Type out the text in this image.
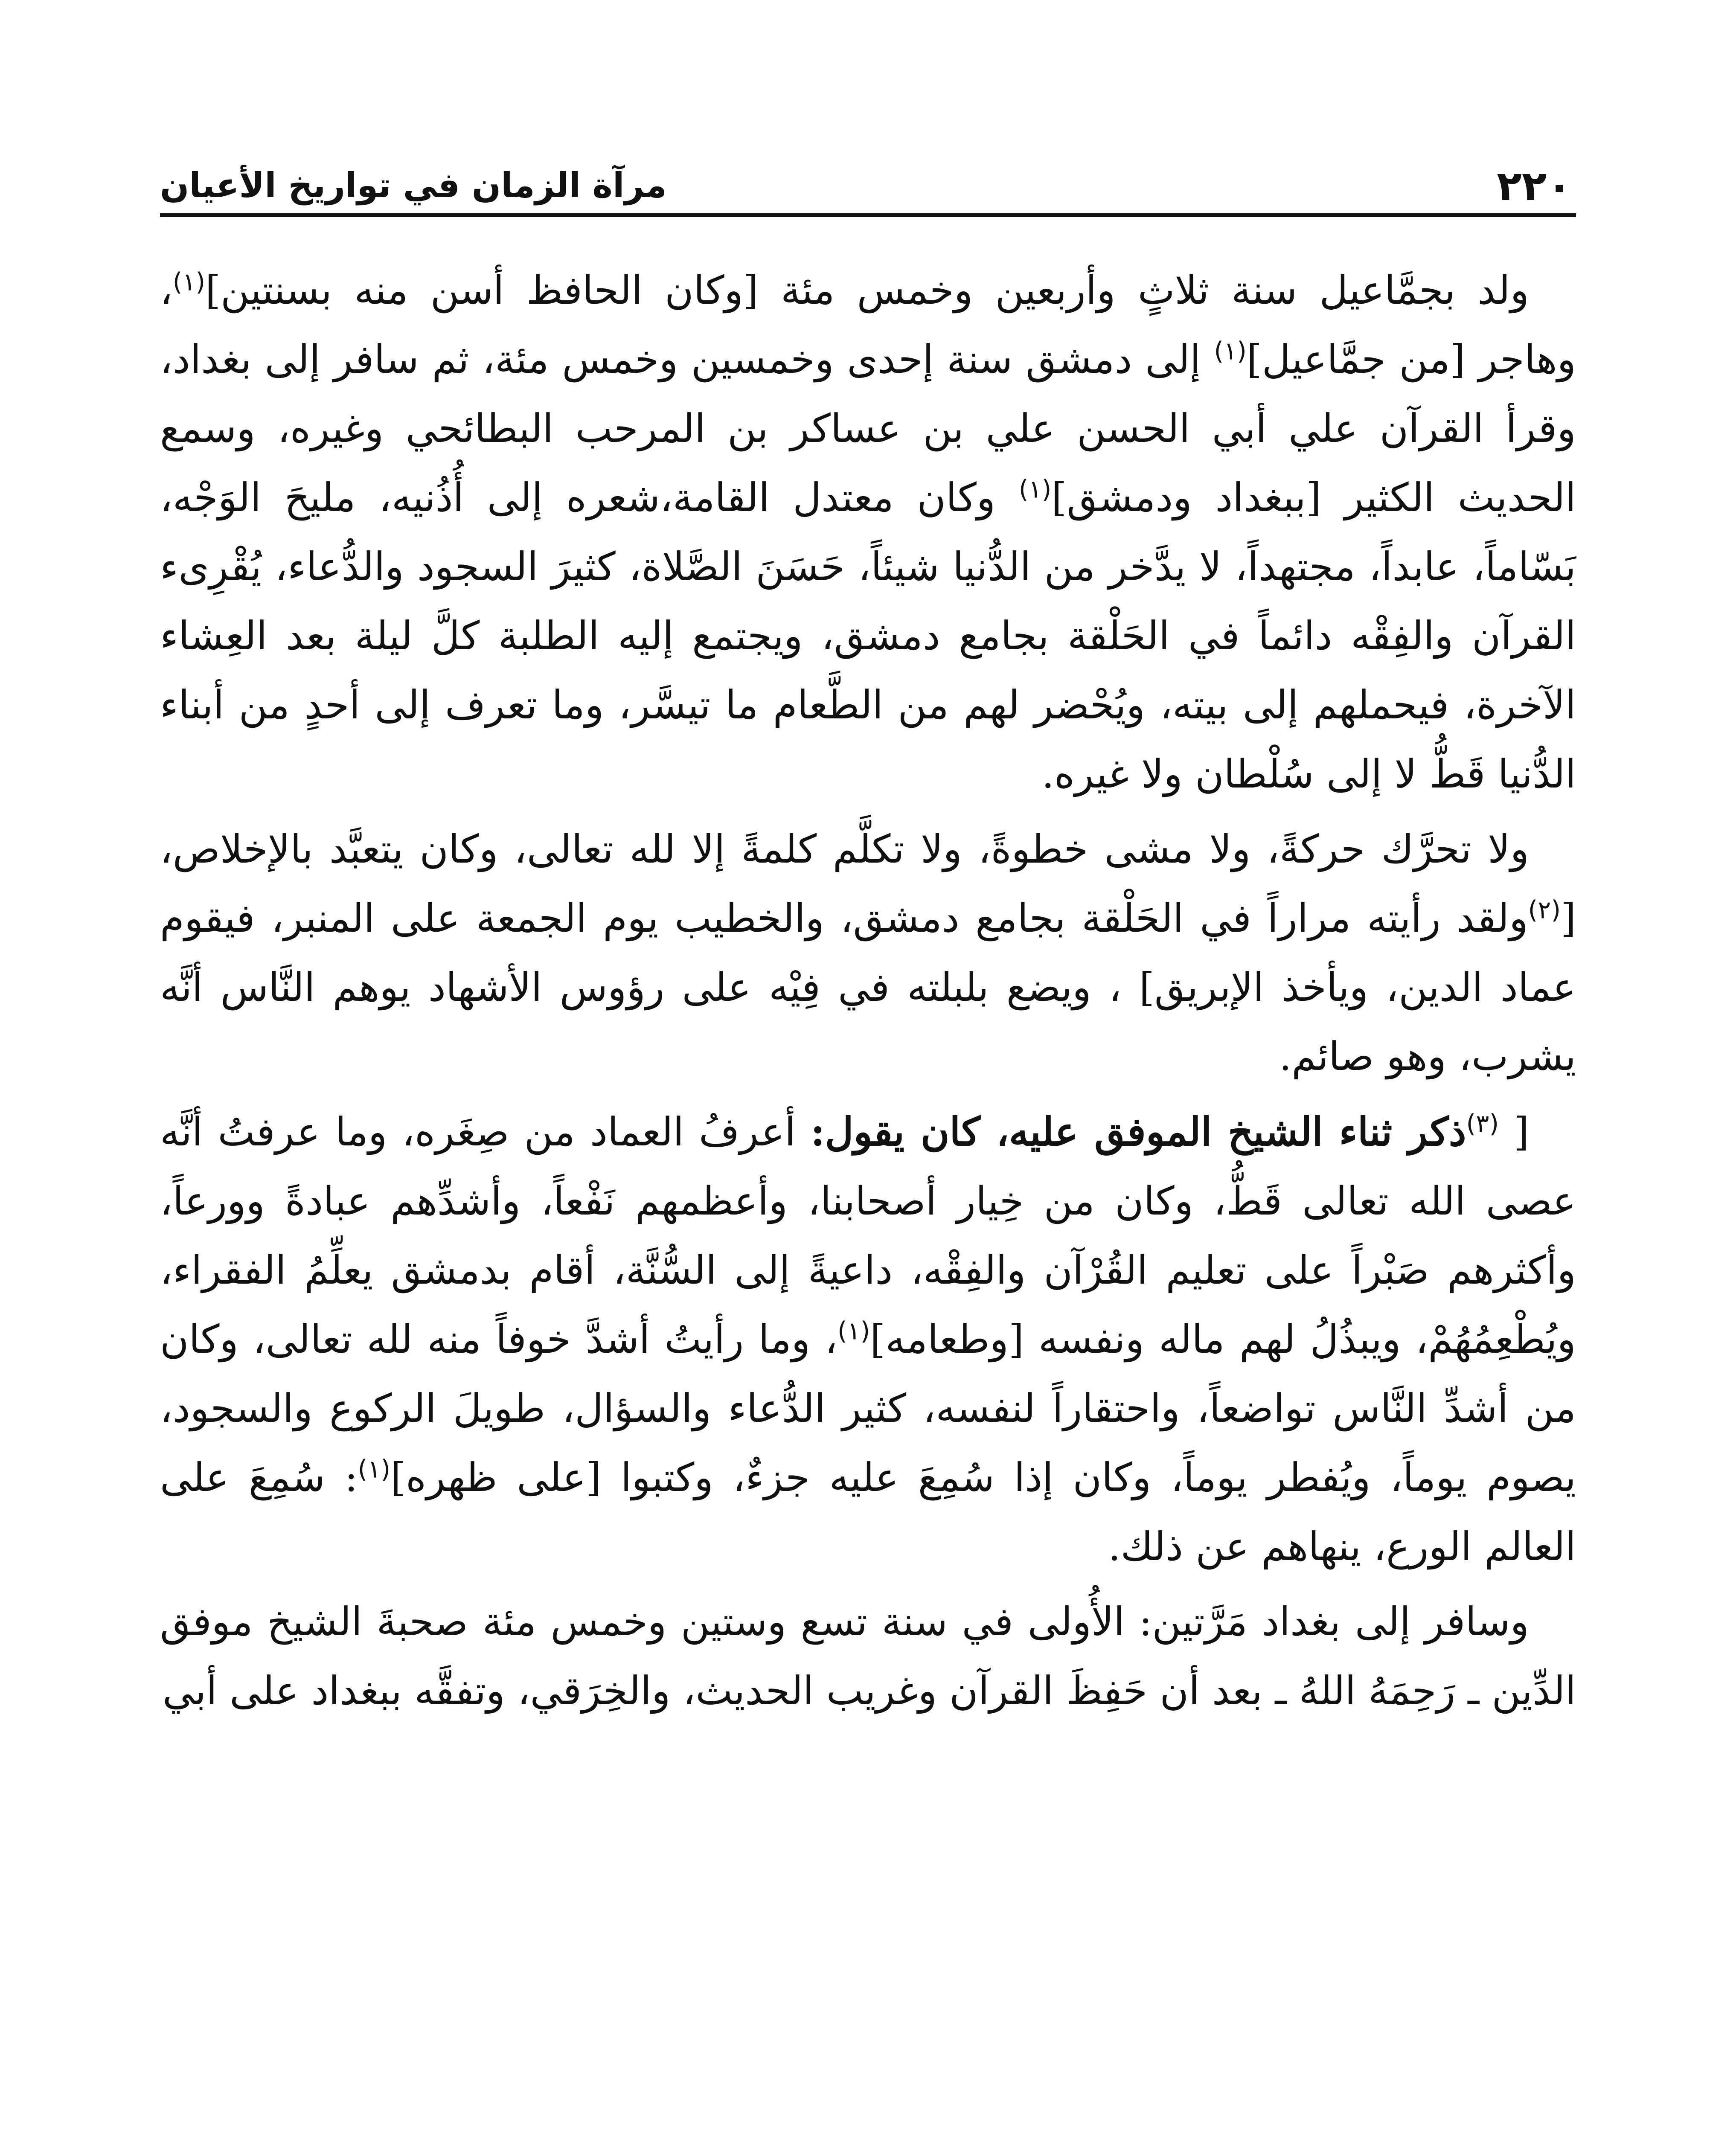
٢٢٠
مرآة الزمان في تواريخ الأعيان

ولد بجمَّاعيل سنة ثلاثٍ وأربعين وخمس مئة [وكان الحافظ أسن منه بسنتين]$^{(١)}$، وهاجر [من جمَّاعيل]$^{(١)}$ إلى دمشق سنة إحدى وخمسين وخمس مئة، ثم سافر إلى بغداد، وقرأ القرآن علي أبي الحسن علي بن عساكر بن المرحب البطائحي وغيره، وسمع الحديث الكثير [ببغداد ودمشق]$^{(١)}$ وكان معتدل القامة،شعره إلى أُذُنيه، مليحَ الوَجْه، بَسّاماً، عابداً، مجتهداً، لا يدَّخر من الدُّنيا شيئاً، حَسَنَ الصَّلاة، كثيرَ السجود والدُّعاء، يُقْرِىء القرآن والفِقْه دائماً في الحَلْقة بجامع دمشق، ويجتمع إليه الطلبة كلَّ ليلة بعد العِشاء الآخرة، فيحملهم إلى بيته، ويُحْضر لهم من الطَّعام ما تيسَّر، وما تعرف إلى أحدٍ من أبناء الدُّنيا قَطُّ لا إلى سُلْطان ولا غيره.

ولا تحرَّك حركةً، ولا مشى خطوةً، ولا تكلَّم كلمةً إلا لله تعالى، وكان يتعبَّد بالإخلاص، [$^{(٢)}$ولقد رأيته مراراً في الحَلْقة بجامع دمشق، والخطيب يوم الجمعة على المنبر، فيقوم عماد الدين، ويأخذ الإبريق] ، ويضع بلبلته في فِيْه على رؤوس الأشهاد يوهم النَّاس أنَّه يشرب، وهو صائم.

[ $^{(٣)}$ذكر ثناء الشيخ الموفق عليه، كان يقول: أعرفُ العماد من صِغَره، وما عرفتُ أنَّه عصى الله تعالى قَطُّ، وكان من خِيار أصحابنا، وأعظمهم نَفْعاً، وأشدِّهم عبادةً وورعاً، وأكثرهم صَبْراً على تعليم القُرْآن والفِقْه، داعيةً إلى السُّنَّة، أقام بدمشق يعلِّمُ الفقراء، ويُطْعِمُهُمْ، ويبذُلُ لهم ماله ونفسه [وطعامه]$^{(١)}$، وما رأيتُ أشدَّ خوفاً منه لله تعالى، وكان من أشدِّ النَّاس تواضعاً، واحتقاراً لنفسه، كثير الدُّعاء والسؤال، طويلَ الركوع والسجود، يصوم يوماً، ويُفطر يوماً، وكان إذا سُمِعَ عليه جزءٌ، وكتبوا [على ظهره]$^{(١)}$: سُمِعَ على العالم الورع، ينهاهم عن ذلك.

وسافر إلى بغداد مَرَّتين: الأُولى في سنة تسع وستين وخمس مئة صحبةَ الشيخ موفق الدِّين ـ رَحِمَهُ اللهُ ـ بعد أن حَفِظَ القرآن وغريب الحديث، والخِرَقي، وتفقَّه ببغداد على أبي
